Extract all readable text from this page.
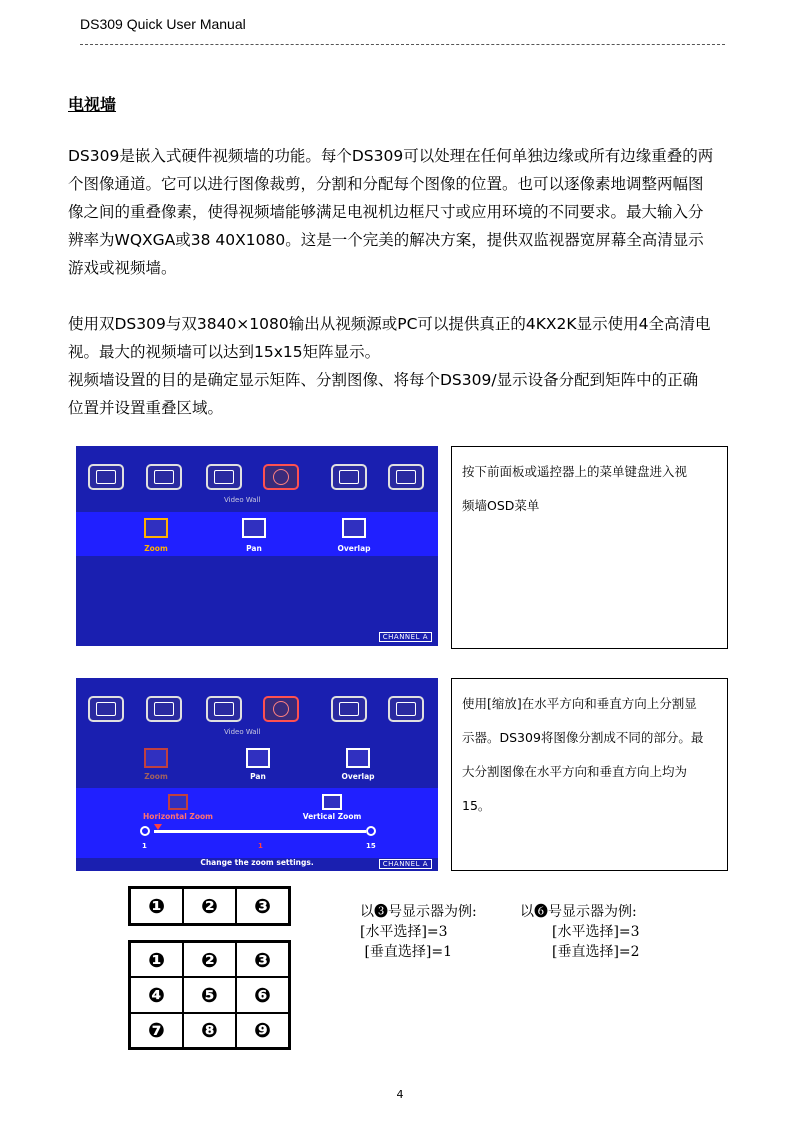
DS309 Quick User Manual
电视墙

DS309是嵌入式硬件视频墙的功能。每个DS309可以处理在任何单独边缘或所有边缘重叠的两

个图像通道。它可以进行图像裁剪，分割和分配每个图像的位置。也可以逐像素地调整两幅图

像之间的重叠像素，使得视频墙能够满足电视机边框尺寸或应用环境的不同要求。最大输入分

辨率为WQXGA或38 40X1080。这是一个完美的解决方案，提供双监视器宽屏幕全高清显示

游戏或视频墙。

使用双DS309与双3840×1080输出从视频源或PC可以提供真正的4KX2K显示使用4全高清电

视。最大的视频墙可以达到15x15矩阵显示。

视频墙设置的目的是确定显示矩阵、分割图像、将每个DS309/显示设备分配到矩阵中的正确

位置并设置重叠区域。

Video Wall
Zoom	Pan	Overlap
CHANNEL A

按下前面板或遥控器上的菜单键盘进入视

频墙OSD菜单

Video Wall
Zoom	Pan	Overlap
Horizontal Zoom	Vertical Zoom
1	1	15
Change the zoom settings.	CHANNEL A

使用[缩放]在水平方向和垂直方向上分割显

示器。DS309将图像分割成不同的部分。最

大分割图像在水平方向和垂直方向上均为

15。

❶	❷	❸
❶	❷	❸
❹	❺	❻
❼	❽	❾
以❸号显示器为例:
[水平选择]=3
[垂直选择]=1
以❻号显示器为例:
[水平选择]=3
[垂直选择]=2
4
